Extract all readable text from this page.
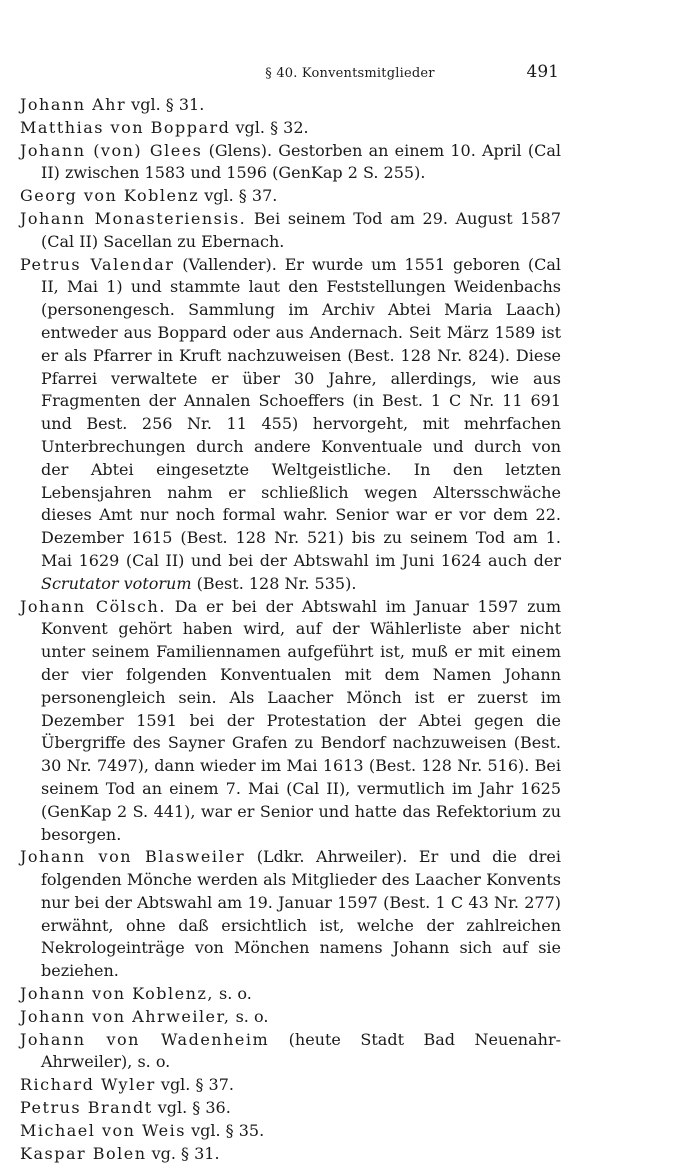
§ 40. Konventsmitglieder	491

Johann Ahr vgl. § 31.

Matthias von Boppard vgl. § 32.

Johann (von) Glees (Glens). Gestorben an einem 10. April (Cal II) zwischen 1583 und 1596 (GenKap 2 S. 255).

Georg von Koblenz vgl. § 37.

Johann Monasteriensis. Bei seinem Tod am 29. August 1587 (Cal II) Sacellan zu Ebernach.

Petrus Valendar (Vallender). Er wurde um 1551 geboren (Cal II, Mai 1) und stammte laut den Feststellungen Weidenbachs (personengesch. Sammlung im Archiv Abtei Maria Laach) entweder aus Boppard oder aus Andernach. Seit März 1589 ist er als Pfarrer in Kruft nachzuweisen (Best. 128 Nr. 824). Diese Pfarrei verwaltete er über 30 Jahre, allerdings, wie aus Fragmenten der Annalen Schoeffers (in Best. 1 C Nr. 11 691 und Best. 256 Nr. 11 455) hervorgeht, mit mehrfachen Unterbrechungen durch andere Konventuale und durch von der Abtei eingesetzte Weltgeistliche. In den letzten Lebensjahren nahm er schließlich wegen Altersschwäche dieses Amt nur noch formal wahr. Senior war er vor dem 22. Dezember 1615 (Best. 128 Nr. 521) bis zu seinem Tod am 1. Mai 1629 (Cal II) und bei der Abtswahl im Juni 1624 auch der Scrutator votorum (Best. 128 Nr. 535).

Johann Cölsch. Da er bei der Abtswahl im Januar 1597 zum Konvent gehört haben wird, auf der Wählerliste aber nicht unter seinem Familiennamen aufgeführt ist, muß er mit einem der vier folgenden Konventualen mit dem Namen Johann personengleich sein. Als Laacher Mönch ist er zuerst im Dezember 1591 bei der Protestation der Abtei gegen die Übergriffe des Sayner Grafen zu Bendorf nachzuweisen (Best. 30 Nr. 7497), dann wieder im Mai 1613 (Best. 128 Nr. 516). Bei seinem Tod an einem 7. Mai (Cal II), vermutlich im Jahr 1625 (GenKap 2 S. 441), war er Senior und hatte das Refektorium zu besorgen.

Johann von Blasweiler (Ldkr. Ahrweiler). Er und die drei folgenden Mönche werden als Mitglieder des Laacher Konvents nur bei der Abtswahl am 19. Januar 1597 (Best. 1 C 43 Nr. 277) erwähnt, ohne daß ersichtlich ist, welche der zahlreichen Nekrologeinträge von Mönchen namens Johann sich auf sie beziehen.

Johann von Koblenz, s. o.

Johann von Ahrweiler, s. o.

Johann von Wadenheim (heute Stadt Bad Neuenahr-Ahrweiler), s. o.

Richard Wyler vgl. § 37.

Petrus Brandt vgl. § 36.

Michael von Weis vgl. § 35.

Kaspar Bolen vg. § 31.
